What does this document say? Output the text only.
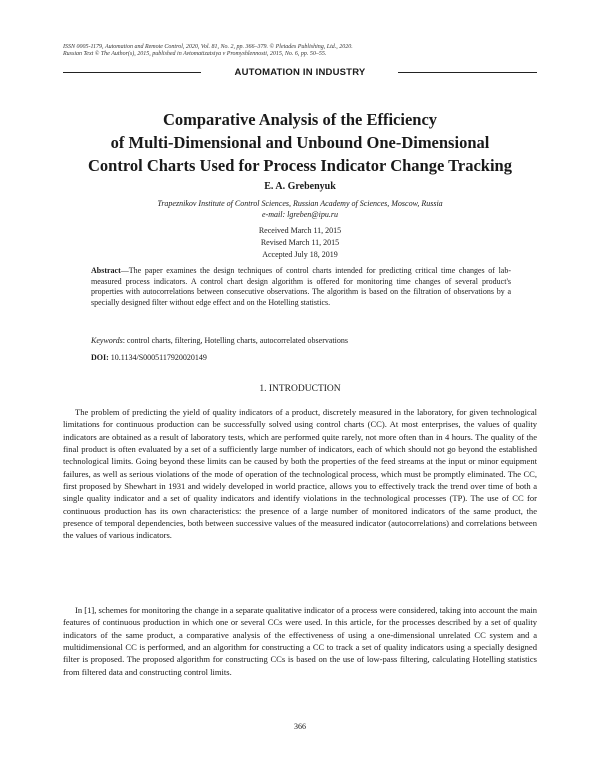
ISSN 0005-1179, Automation and Remote Control, 2020, Vol. 81, No. 2, pp. 366–379. © Pleiades Publishing, Ltd., 2020.
Russian Text © The Author(s), 2015, published in Avtomatizatsiya v Promyshlennosti, 2015, No. 6, pp. 50–55.
AUTOMATION IN INDUSTRY
Comparative Analysis of the Efficiency
of Multi-Dimensional and Unbound One-Dimensional
Control Charts Used for Process Indicator Change Tracking
E. A. Grebenyuk
Trapeznikov Institute of Control Sciences, Russian Academy of Sciences, Moscow, Russia
e-mail: lgreben@ipu.ru
Received March 11, 2015
Revised March 11, 2015
Accepted July 18, 2019
Abstract—The paper examines the design techniques of control charts intended for predicting critical time changes of lab-measured process indicators. A control chart design algorithm is offered for monitoring time changes of several product's properties with autocorrelations between consecutive observations. The algorithm is based on the filtration of observations by a specially designed filter without edge effect and on the Hotelling statistics.
Keywords: control charts, filtering, Hotelling charts, autocorrelated observations
DOI: 10.1134/S0005117920020149
1. INTRODUCTION

The problem of predicting the yield of quality indicators of a product, discretely measured in the laboratory, for given technological limitations for continuous production can be successfully solved using control charts (CC). At most enterprises, the values of quality indicators are obtained as a result of laboratory tests, which are performed quite rarely, not more often than in 4 hours. The quality of the final product is often evaluated by a set of a sufficiently large number of indicators, each of which should not go beyond the established technological limits. Going beyond these limits can be caused by both the properties of the feed streams at the input or minor equipment failures, as well as serious violations of the mode of operation of the technological process, which must be promptly eliminated. The CC, first proposed by Shewhart in 1931 and widely developed in world practice, allows you to effectively track the trend over time of both a single quality indicator and a set of quality indicators and identify violations in the technological processes (TP). The use of CC for continuous production has its own characteristics: the presence of a large number of monitored indicators of the same product, the presence of temporal dependencies, both between successive values of the measured indicator (autocorrelations) and correlations between the values of various indicators.

In [1], schemes for monitoring the change in a separate qualitative indicator of a process were considered, taking into account the main features of continuous production in which one or several CCs were used. In this article, for the processes described by a set of quality indicators of the same product, a comparative analysis of the effectiveness of using a one-dimensional unrelated CC system and a multidimensional CC is performed, and an algorithm for constructing a CC to track a set of quality indicators using a specially designed filter is proposed. The proposed algorithm for constructing CCs is based on the use of low-pass filtering, calculating Hotelling statistics from filtered data and constructing control limits.

366
